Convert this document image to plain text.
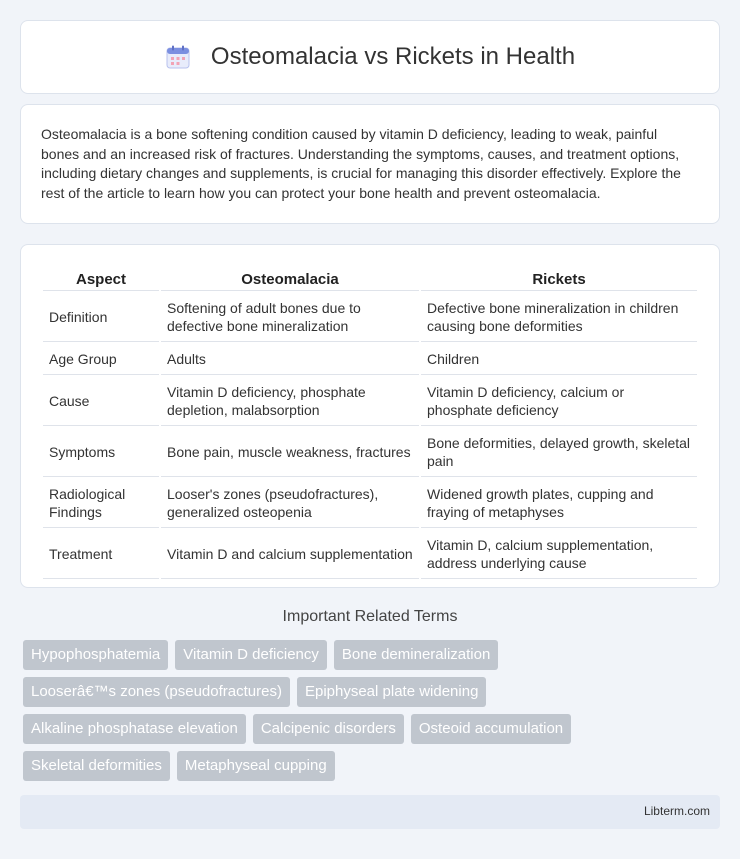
Osteomalacia vs Rickets in Health

Osteomalacia is a bone softening condition caused by vitamin D deficiency, leading to weak, painful bones and an increased risk of fractures. Understanding the symptoms, causes, and treatment options, including dietary changes and supplements, is crucial for managing this disorder effectively. Explore the rest of the article to learn how you can protect your bone health and prevent osteomalacia.

Aspect	Osteomalacia	Rickets
Definition	Softening of adult bones due to defective bone mineralization	Defective bone mineralization in children causing bone deformities
Age Group	Adults	Children
Cause	Vitamin D deficiency, phosphate depletion, malabsorption	Vitamin D deficiency, calcium or phosphate deficiency
Symptoms	Bone pain, muscle weakness, fractures	Bone deformities, delayed growth, skeletal pain
Radiological Findings	Looser's zones (pseudofractures), generalized osteopenia	Widened growth plates, cupping and fraying of metaphyses
Treatment	Vitamin D and calcium supplementation	Vitamin D, calcium supplementation, address underlying cause
Important Related Terms
Hypophosphatemia	Vitamin D deficiency	Bone demineralization
Looserâ€™s zones (pseudofractures)	Epiphyseal plate widening
Alkaline phosphatase elevation	Calcipenic disorders	Osteoid accumulation
Skeletal deformities	Metaphyseal cupping
Libterm.com
